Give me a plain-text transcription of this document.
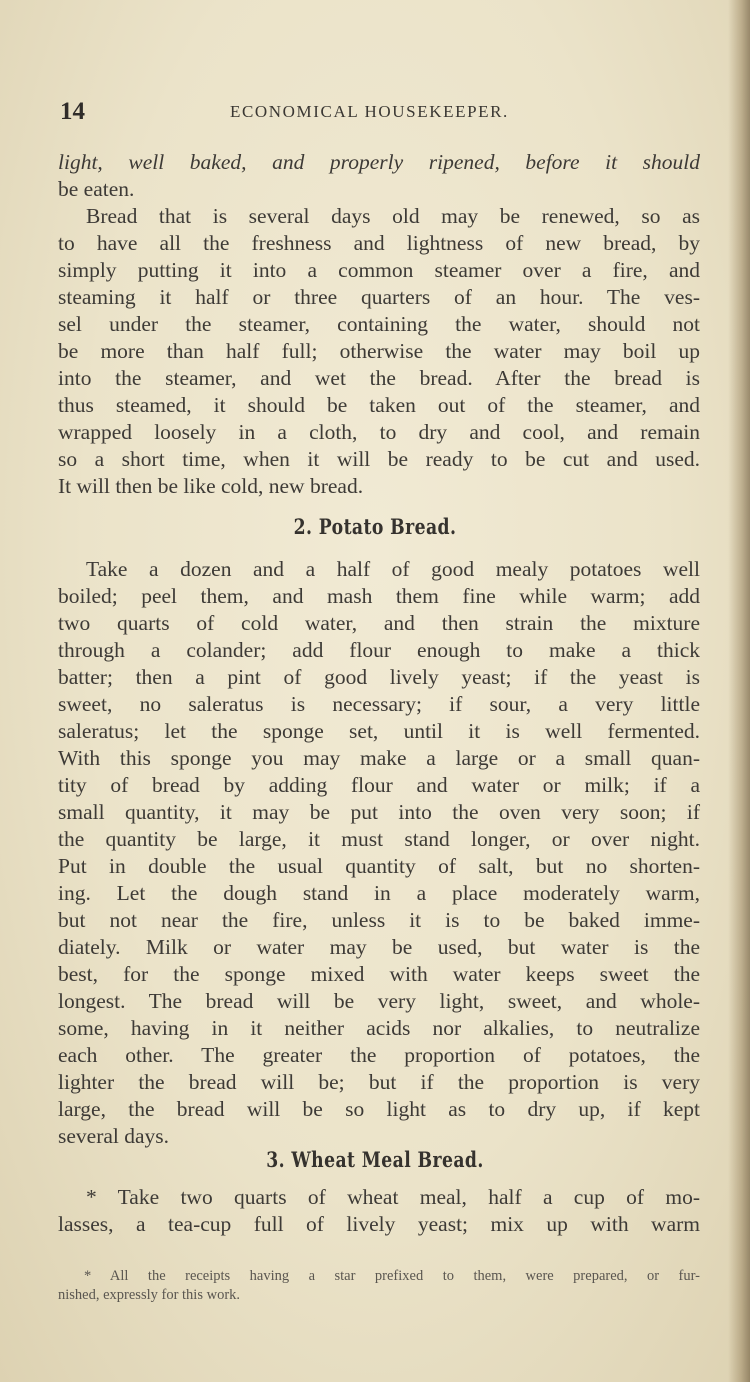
14	ECONOMICAL HOUSEKEEPER.
light, well baked, and properly ripened, before it should
be eaten.
Bread that is several days old may be renewed, so as
to have all the freshness and lightness of new bread, by
simply putting it into a common steamer over a fire, and
steaming it half or three quarters of an hour. The ves-
sel under the steamer, containing the water, should not
be more than half full; otherwise the water may boil up
into the steamer, and wet the bread. After the bread is
thus steamed, it should be taken out of the steamer, and
wrapped loosely in a cloth, to dry and cool, and remain
so a short time, when it will be ready to be cut and used.
It will then be like cold, new bread.
2. Potato Bread.
Take a dozen and a half of good mealy potatoes well
boiled; peel them, and mash them fine while warm; add
two quarts of cold water, and then strain the mixture
through a colander; add flour enough to make a thick
batter; then a pint of good lively yeast; if the yeast is
sweet, no saleratus is necessary; if sour, a very little
saleratus; let the sponge set, until it is well fermented.
With this sponge you may make a large or a small quan-
tity of bread by adding flour and water or milk; if a
small quantity, it may be put into the oven very soon; if
the quantity be large, it must stand longer, or over night.
Put in double the usual quantity of salt, but no shorten-
ing. Let the dough stand in a place moderately warm,
but not near the fire, unless it is to be baked imme-
diately. Milk or water may be used, but water is the
best, for the sponge mixed with water keeps sweet the
longest. The bread will be very light, sweet, and whole-
some, having in it neither acids nor alkalies, to neutralize
each other. The greater the proportion of potatoes, the
lighter the bread will be; but if the proportion is very
large, the bread will be so light as to dry up, if kept
several days.
3. Wheat Meal Bread.
* Take two quarts of wheat meal, half a cup of mo-
lasses, a tea-cup full of lively yeast; mix up with warm
* All the receipts having a star prefixed to them, were prepared, or fur-
nished, expressly for this work.
